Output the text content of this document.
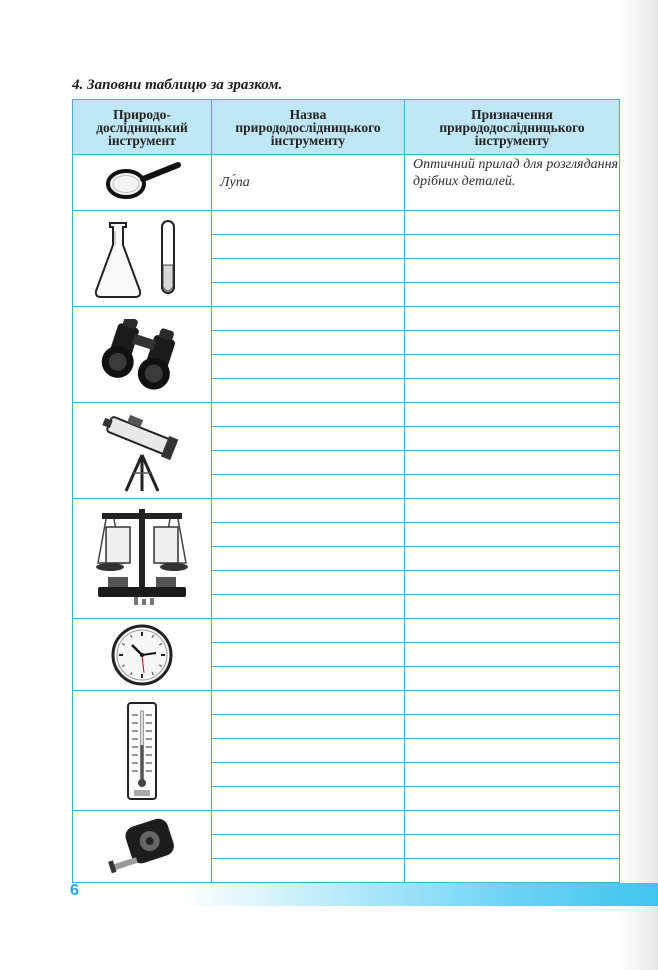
4. Заповни таблицю за зразком.
Природо-
дослідницький
інструмент	Назва
природодослідницького
інструменту	Призначення
природодослідницького
інструменту

Лу́па	Оптичний прилад для розглядання дрібних деталей.

6
